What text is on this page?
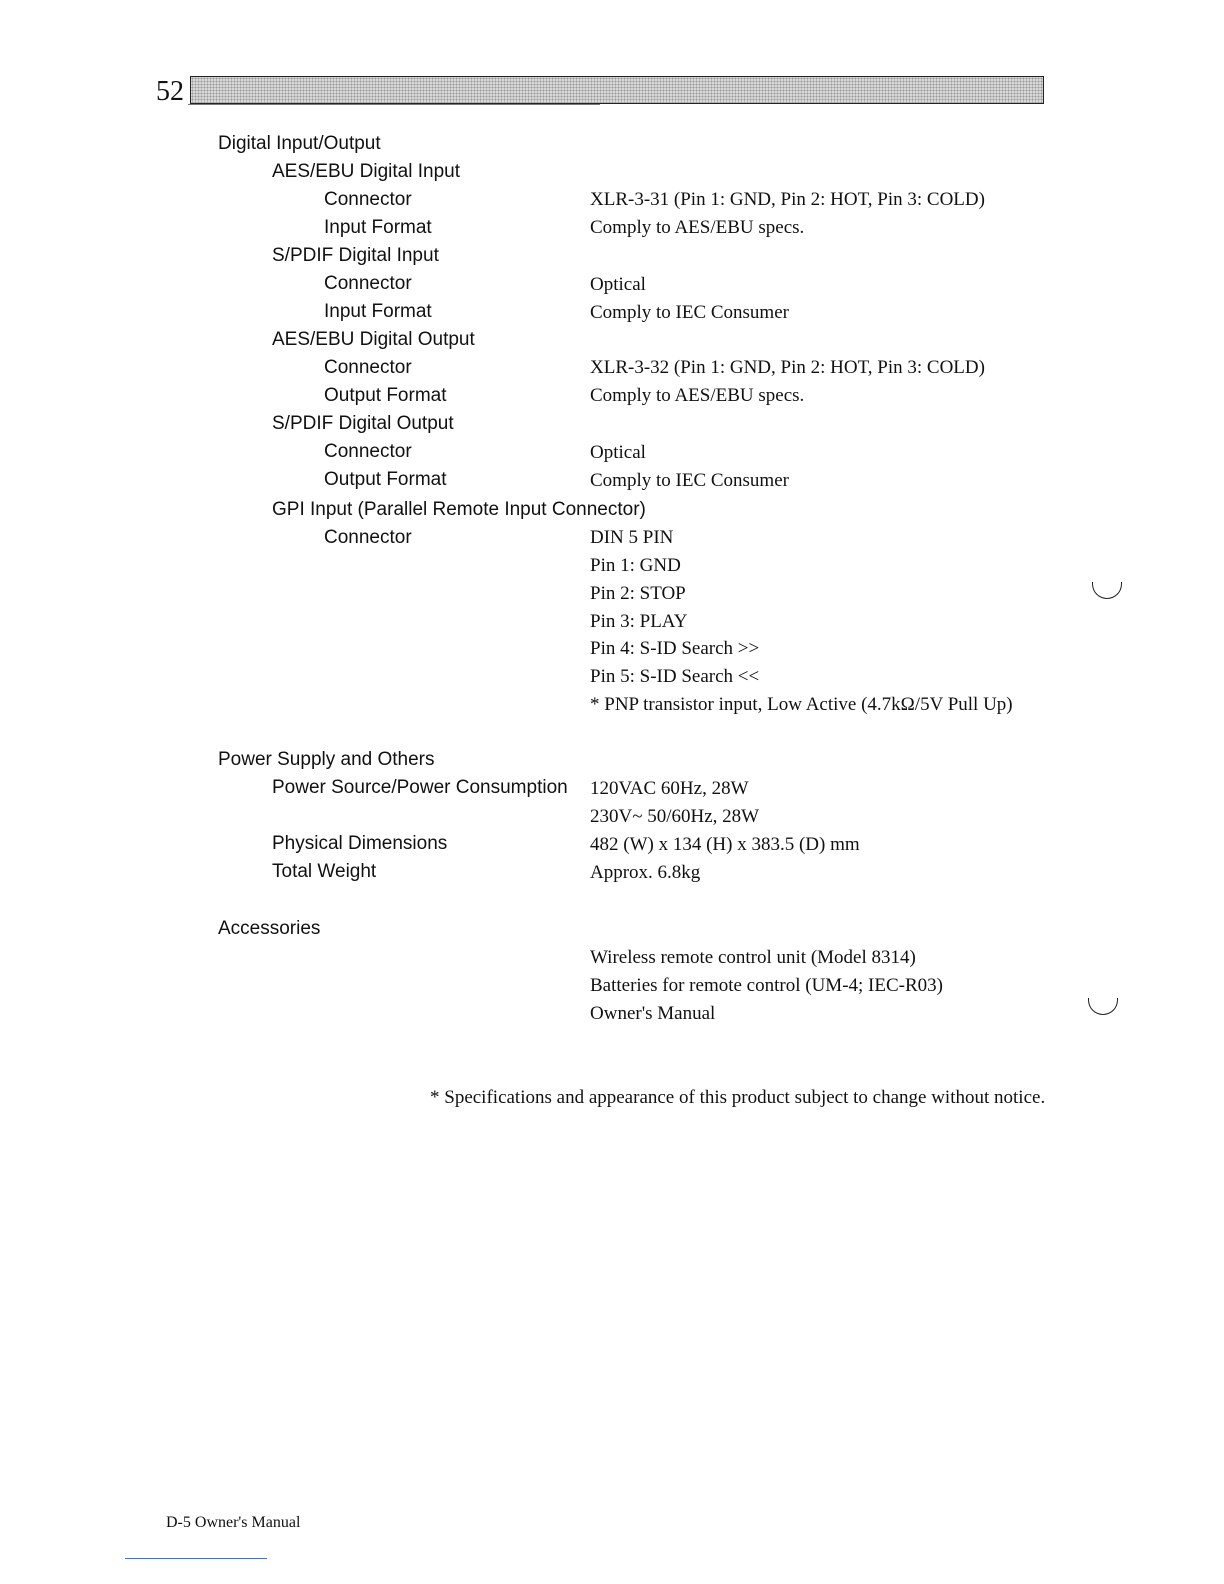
52
Digital Input/Output
AES/EBU Digital Input
Connector	XLR-3-31 (Pin 1: GND, Pin 2: HOT, Pin 3: COLD)
Input Format	Comply to AES/EBU specs.
S/PDIF Digital Input
Connector	Optical
Input Format	Comply to IEC Consumer
AES/EBU Digital Output
Connector	XLR-3-32 (Pin 1: GND, Pin 2: HOT, Pin 3: COLD)
Output Format	Comply to AES/EBU specs.
S/PDIF Digital Output
Connector	Optical
Output Format	Comply to IEC Consumer
GPI Input (Parallel Remote Input Connector)
Connector	DIN 5 PIN
Pin 1: GND
Pin 2: STOP
Pin 3: PLAY
Pin 4: S-ID Search >>
Pin 5: S-ID Search <<
* PNP transistor input, Low Active (4.7kΩ/5V Pull Up)
Power Supply and Others
Power Source/Power Consumption 120VAC 60Hz, 28W
230V~ 50/60Hz, 28W
Physical Dimensions	482 (W) x 134 (H) x 383.5 (D) mm
Total Weight	Approx. 6.8kg
Accessories
Wireless remote control unit (Model 8314)
Batteries for remote control (UM-4; IEC-R03)
Owner's Manual
* Specifications and appearance of this product subject to change without notice.
D-5 Owner's Manual
